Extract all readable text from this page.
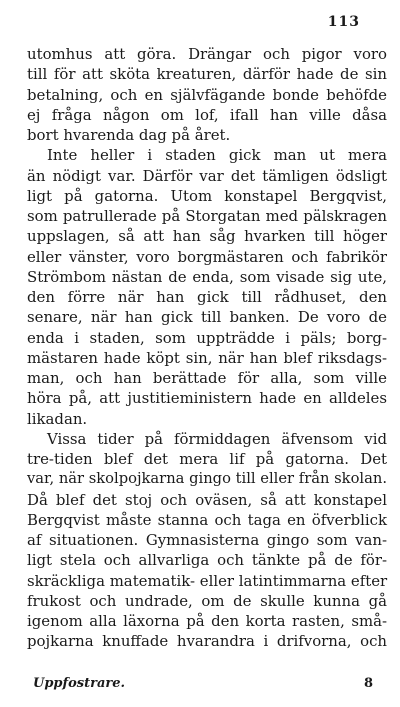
113
utomhus att göra. Drängar och pigor voro
till för att sköta kreaturen, därför hade de sin
betalning, och en självfägande bonde behöfde
ej fråga någon om lof, ifall han ville dåsa
bort hvarenda dag på året.
Inte heller i staden gick man ut mera
än nödigt var. Därför var det tämligen ödsligt
ligt på gatorna. Utom konstapel Bergqvist,
som patrullerade på Storgatan med pälskragen
uppslagen, så att han såg hvarken till höger
eller vänster, voro borgmästaren och fabrikör
Strömbom nästan de enda, som visade sig ute,
den förre när han gick till rådhuset, den
senare, när han gick till banken. De voro de
enda i staden, som uppträdde i päls; borg-
mästaren hade köpt sin, när han blef riksdags-
man, och han berättade för alla, som ville
höra på, att justitieministern hade en alldeles
likadan.
Vissa tider på förmiddagen äfvensom vid
tre-tiden blef det mera lif på gatorna. Det
var, när skolpojkarna gingo till eller från skolan.
Då blef det stoj och oväsen, så att konstapel
Bergqvist måste stanna och taga en öfverblick
af situationen. Gymnasisterna gingo som van-
ligt stela och allvarliga och tänkte på de för-
skräckliga matematik- eller latintimmarna efter
frukost och undrade, om de skulle kunna gå
igenom alla läxorna på den korta rasten, små-
pojkarna knuffade hvarandra i drifvorna, och
Uppfostrare.	8
